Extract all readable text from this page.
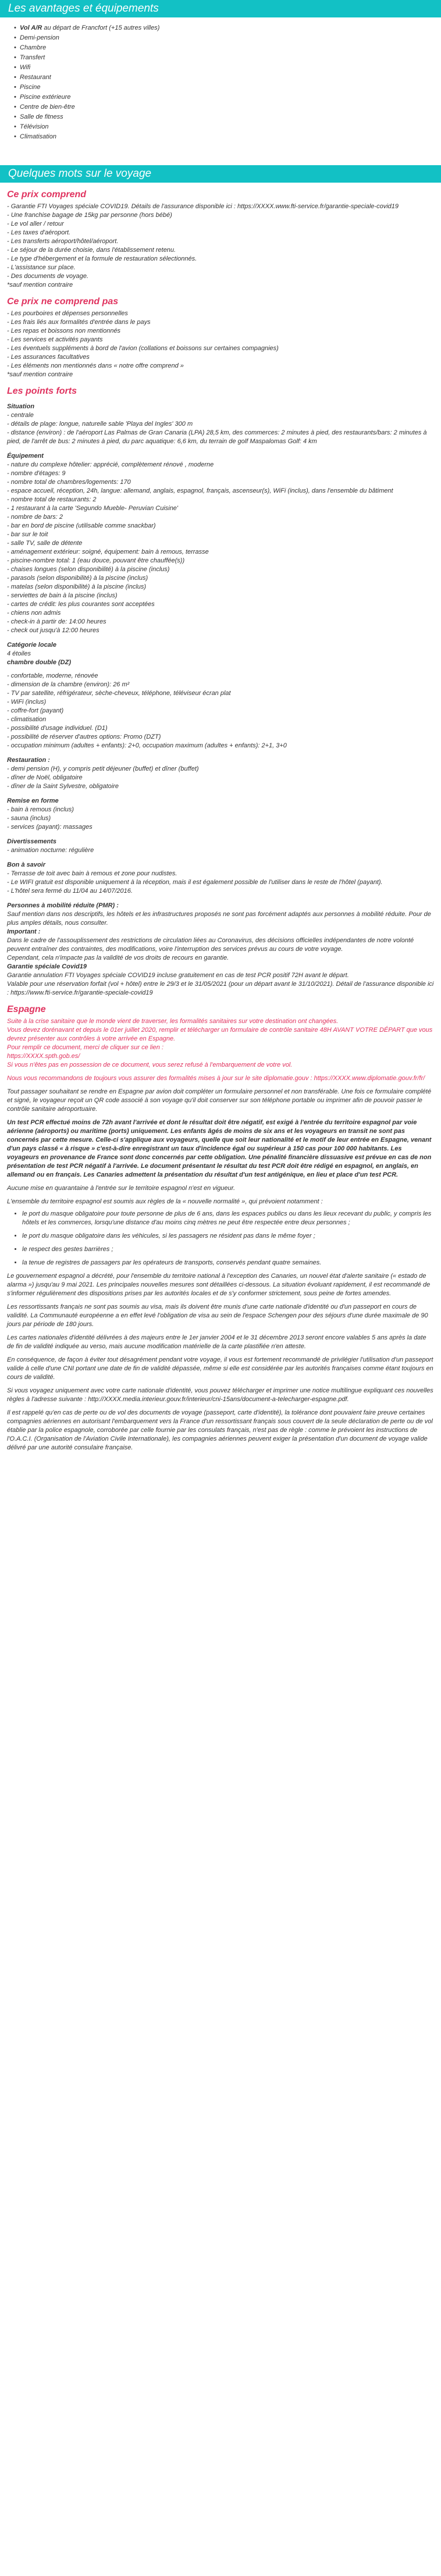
Les avantages et équipements
• Vol A/R au départ de Francfort (+15 autres villes)
• Demi-pension
• Chambre
• Transfert
• Wifi
• Restaurant
• Piscine
• Piscine extérieure
• Centre de bien-être
• Salle de fitness
• Télévision
• Climatisation
Quelques mots sur le voyage
Ce prix comprend
- Garantie FTI Voyages spéciale COVID19. Détails de l'assurance disponible ici : https://XXXX.www.fti-service.fr/garantie-speciale-covid19
- Une franchise bagage de 15kg par personne (hors bébé)
- Le vol aller / retour
- Les taxes d'aéroport.
- Les transferts aéroport/hôtel/aéroport.
- Le séjour de la durée choisie, dans l'établissement retenu.
- Le type d'hébergement et la formule de restauration sélectionnés.
- L'assistance sur place.
- Des documents de voyage.
*sauf mention contraire
Ce prix ne comprend pas
- Les pourboires et dépenses personnelles
- Les frais liés aux formalités d'entrée dans le pays
- Les repas et boissons non mentionnés
- Les services et activités payants
- Les éventuels suppléments à bord de l'avion (collations et boissons sur certaines compagnies)
- Les assurances facultatives
- Les éléments non mentionnés dans « notre offre comprend »
*sauf mention contraire
Les points forts
Situation
- centrale
- détails de plage: longue, naturelle sable 'Playa del Ingles' 300 m
- distance (environ) : de l'aéroport Las Palmas de Gran Canaria (LPA) 28,5 km, des commerces: 2 minutes à pied, des restaurants/bars: 2 minutes à pied, de l'arrêt de bus: 2 minutes à pied, du parc aquatique: 6,6 km, du terrain de golf Maspalomas Golf: 4 km
Équipement
- nature du complexe hôtelier: apprécié, complètement rénové , moderne
- nombre d'étages: 9
- nombre total de chambres/logements: 170
- espace accueil, réception, 24h, langue: allemand, anglais, espagnol, français, ascenseur(s), WiFi (inclus), dans l'ensemble du bâtiment
- nombre total de restaurants: 2
- 1 restaurant à la carte 'Segundo Mueble- Peruvian Cuisine'
- nombre de bars: 2
- bar en bord de piscine (utilisable comme snackbar)
- bar sur le toit
- salle TV, salle de détente
- aménagement extérieur: soigné, équipement: bain à remous, terrasse
- piscine-nombre total: 1 (eau douce, pouvant être chauffée(s))
- chaises longues (selon disponibilité) à la piscine (inclus)
- parasols (selon disponibilité) à la piscine (inclus)
- matelas (selon disponibilité) à la piscine (inclus)
- serviettes de bain à la piscine (inclus)
- cartes de crédit: les plus courantes sont acceptées
- chiens non admis
- check-in à partir de: 14:00 heures
- check out jusqu'à 12:00 heures
Catégorie locale
4 étoiles
chambre double (DZ)
- confortable, moderne, rénovée
- dimension de la chambre (environ): 26 m²
- TV par satellite, réfrigérateur, sèche-cheveux, téléphone, téléviseur écran plat
- WiFi (inclus)
- coffre-fort (payant)
- climatisation
- possibilité d'usage individuel. (D1)
- possibilité de réserver d'autres options: Promo (DZT)
- occupation minimum (adultes + enfants): 2+0, occupation maximum (adultes + enfants): 2+1, 3+0
Restauration :
- demi pension (H), y compris petit déjeuner (buffet) et dîner (buffet)
- dîner de Noël, obligatoire
- dîner de la Saint Sylvestre, obligatoire
Remise en forme
- bain à remous (inclus)
- sauna (inclus)
- services (payant): massages
Divertissements
- animation nocturne: régulière
Bon à savoir
- Terrasse de toit avec bain à remous et zone pour nudistes.
- Le WIFI gratuit est disponible uniquement à la réception, mais il est également possible de l'utiliser dans le reste de l'hôtel (payant).
- L'hôtel sera fermé du 11/04 au 14/07/2016.
Personnes à mobilité réduite (PMR) :

Sauf mention dans nos descriptifs, les hôtels et les infrastructures proposés ne sont pas forcément adaptés aux personnes à mobilité réduite. Pour de plus amples détails, nous consulter.

Important :
Dans le cadre de l'assouplissement des restrictions de circulation liées au Coronavirus, des décisions officielles indépendantes de notre volonté peuvent entraîner des contraintes, des modifications, voire l'interruption des services prévus au cours de votre voyage.
Cependant, cela n'impacte pas la validité de vos droits de recours en garantie.
Garantie spéciale Covid19
Garantie annulation FTI Voyages spéciale COVID19 incluse gratuitement en cas de test PCR positif 72H avant le départ.
Valable pour une réservation forfait (vol + hôtel) entre le 29/3 et le 31/05/2021 (pour un départ avant le 31/10/2021). Détail de l'assurance disponible ici : https://www.fti-service.fr/garantie-speciale-covid19
Espagne
Suite à la crise sanitaire que le monde vient de traverser, les formalités sanitaires sur votre destination ont changées.
Vous devez dorénavant et depuis le 01er juillet 2020, remplir et télécharger un formulaire de contrôle sanitaire 48H AVANT VOTRE DÉPART que vous devrez présenter aux contrôles à votre arrivée en Espagne.
Pour remplir ce document, merci de cliquer sur ce lien :
https://XXXX.spth.gob.es/
Si vous n'êtes pas en possession de ce document, vous serez refusé à l'embarquement de votre vol.
Nous vous recommandons de toujours vous assurer des formalités mises à jour sur le site diplomatie.gouv : https://XXXX.www.diplomatie.gouv.fr/fr/

Tout passager souhaitant se rendre en Espagne par avion doit compléter un formulaire personnel et non transférable. Une fois ce formulaire complété et signé, le voyageur reçoit un QR code associé à son voyage qu'il doit conserver sur son téléphone portable ou imprimer afin de pouvoir passer le contrôle sanitaire aéroportuaire.

Un test PCR effectué moins de 72h avant l'arrivée et dont le résultat doit être négatif, est exigé à l'entrée du territoire espagnol par voie aérienne (aéroports) ou maritime (ports) uniquement. Les enfants âgés de moins de six ans et les voyageurs en transit ne sont pas concernés par cette mesure. Celle-ci s'applique aux voyageurs, quelle que soit leur nationalité et le motif de leur entrée en Espagne, venant d'un pays classé « à risque » c'est-à-dire enregistrant un taux d'incidence égal ou supérieur à 150 cas pour 100 000 habitants. Les voyageurs en provenance de France sont donc concernés par cette obligation. Une pénalité financière dissuasive est prévue en cas de non présentation de test PCR négatif à l'arrivée. Le document présentant le résultat du test PCR doit être rédigé en espagnol, en anglais, en allemand ou en français. Les Canaries admettent la présentation du résultat d'un test antigénique, en lieu et place d'un test PCR.

Aucune mise en quarantaine à l'entrée sur le territoire espagnol n'est en vigueur.

L'ensemble du territoire espagnol est soumis aux règles de la « nouvelle normalité », qui prévoient notamment :

• le port du masque obligatoire pour toute personne de plus de 6 ans, dans les espaces publics ou dans les lieux recevant du public, y compris les hôtels et les commerces, lorsqu'une distance d'au moins cinq mètres ne peut être respectée entre deux personnes ;
• le port du masque obligatoire dans les véhicules, si les passagers ne résident pas dans le même foyer ;
• le respect des gestes barrières ;
• la tenue de registres de passagers par les opérateurs de transports, conservés pendant quatre semaines.

Le gouvernement espagnol a décrété, pour l'ensemble du territoire national à l'exception des Canaries, un nouvel état d'alerte sanitaire (« estado de alarma ») jusqu'au 9 mai 2021. Les principales nouvelles mesures sont détaillées ci-dessous. La situation évoluant rapidement, il est recommandé de s'informer régulièrement des dispositions prises par les autorités locales et de s'y conformer strictement, sous peine de fortes amendes.

Les ressortissants français ne sont pas soumis au visa, mais ils doivent être munis d'une carte nationale d'identité ou d'un passeport en cours de validité. La Communauté européenne a en effet levé l'obligation de visa au sein de l'espace Schengen pour des séjours d'une durée maximale de 90 jours par période de 180 jours.

Les cartes nationales d'identité délivrées à des majeurs entre le 1er janvier 2004 et le 31 décembre 2013 seront encore valables 5 ans après la date de fin de validité indiquée au verso, mais aucune modification matérielle de la carte plastifiée n'en atteste.

En conséquence, de façon à éviter tout désagrément pendant votre voyage, il vous est fortement recommandé de privilégier l'utilisation d'un passeport valide à celle d'une CNI portant une date de fin de validité dépassée, même si elle est considérée par les autorités françaises comme étant toujours en cours de validité.

Si vous voyagez uniquement avec votre carte nationale d'identité, vous pouvez télécharger et imprimer une notice multilingue expliquant ces nouvelles règles à l'adresse suivante : http://XXXX.media.interieur.gouv.fr/interieur/cni-15ans/document-a-telecharger-espagne.pdf.

Il est rappelé qu'en cas de perte ou de vol des documents de voyage (passeport, carte d'identité), la tolérance dont pouvaient faire preuve certaines compagnies aériennes en autorisant l'embarquement vers la France d'un ressortissant français sous couvert de la seule déclaration de perte ou de vol établie par la police espagnole, corroborée par celle fournie par les consulats français, n'est pas de règle : comme le prévoient les instructions de l'O.A.C.I. (Organisation de l'Aviation Civile Internationale), les compagnies aériennes peuvent exiger la présentation d'un document de voyage valide délivré par une autorité consulaire française.
